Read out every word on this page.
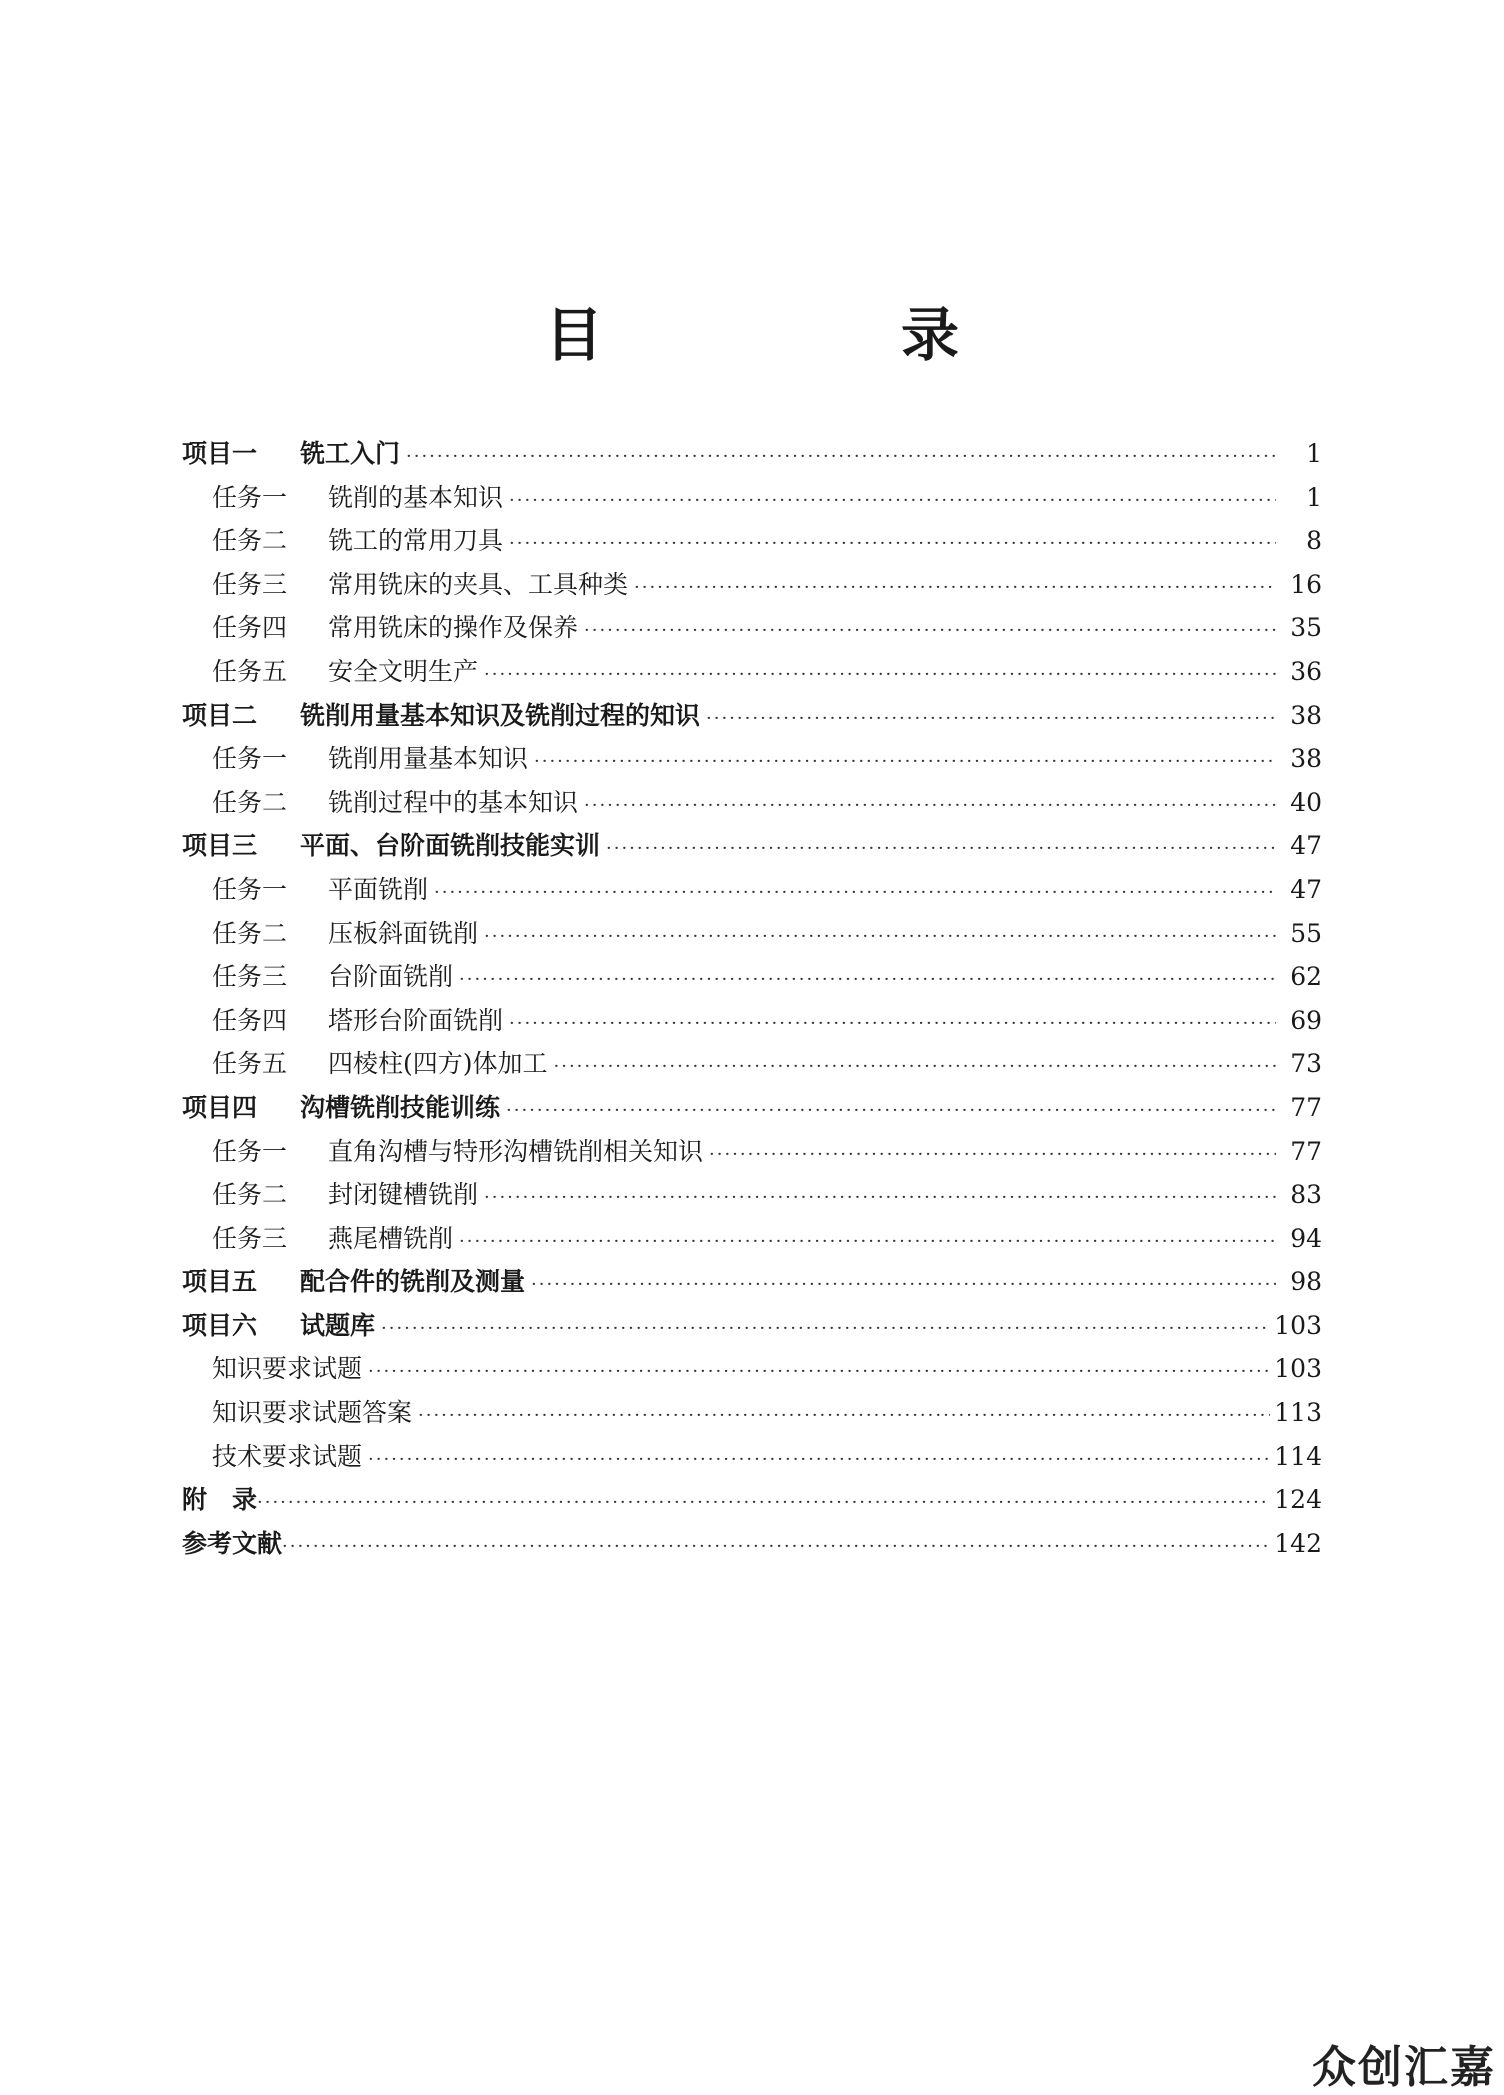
目　录
项目一	铣工入门 ·····	1
任务一	铣削的基本知识 ·····	1
任务二	铣工的常用刀具 ·····	8
任务三	常用铣床的夹具、工具种类 ·····	16
任务四	常用铣床的操作及保养 ·····	35
任务五	安全文明生产 ·····	36
项目二	铣削用量基本知识及铣削过程的知识 ·····	38
任务一	铣削用量基本知识 ·····	38
任务二	铣削过程中的基本知识 ·····	40
项目三	平面、台阶面铣削技能实训 ·····	47
任务一	平面铣削 ·····	47
任务二	压板斜面铣削 ·····	55
任务三	台阶面铣削 ·····	62
任务四	塔形台阶面铣削 ·····	69
任务五	四棱柱(四方)体加工 ·····	73
项目四	沟槽铣削技能训练 ·····	77
任务一	直角沟槽与特形沟槽铣削相关知识 ·····	77
任务二	封闭键槽铣削 ·····	83
任务三	燕尾槽铣削 ·····	94
项目五	配合件的铣削及测量 ·····	98
项目六	试题库 ·····	103
知识要求试题 ·····	103
知识要求试题答案 ·····	113
技术要求试题 ·····	114
附　录 ·····	124
参考文献 ·····	142
众创汇嘉
